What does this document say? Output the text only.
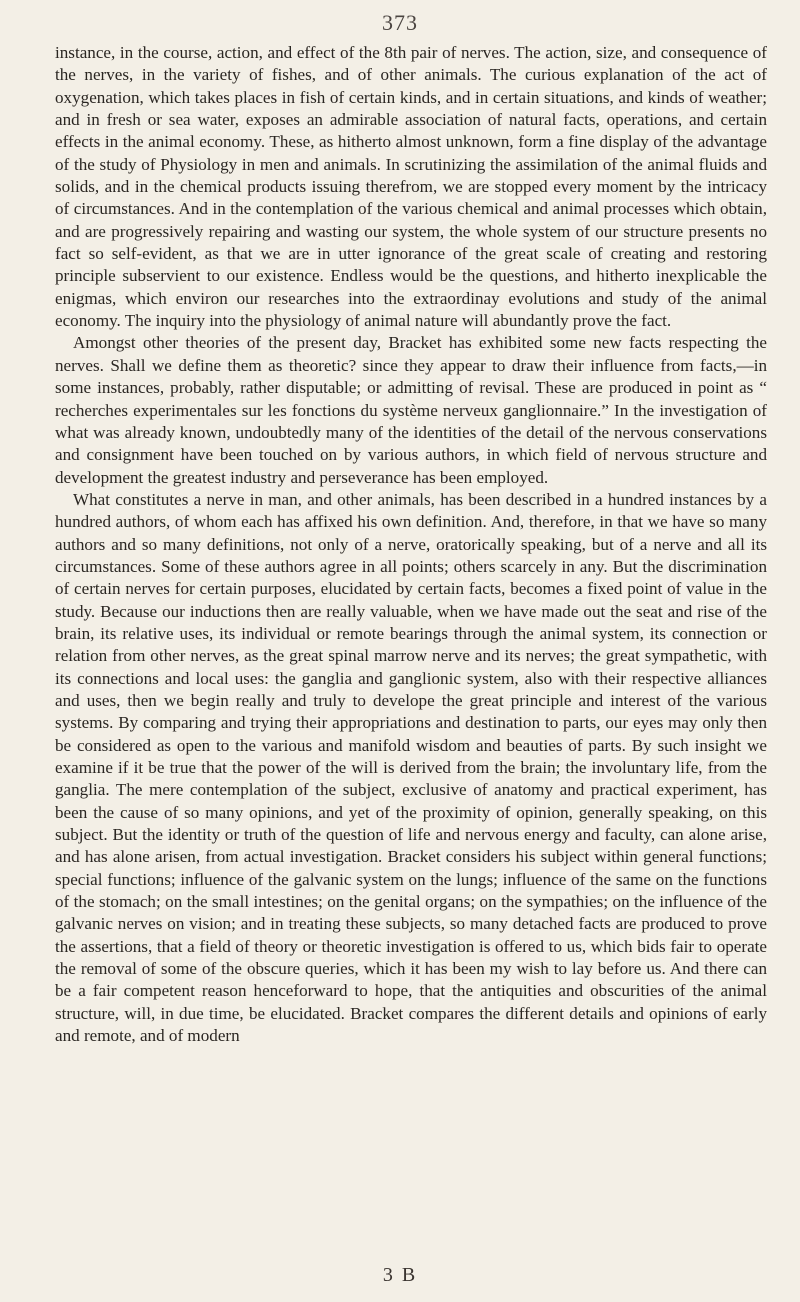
373

instance, in the course, action, and effect of the 8th pair of nerves. The action, size, and consequence of the nerves, in the variety of fishes, and of other animals. The curious explanation of the act of oxygenation, which takes places in fish of certain kinds, and in certain situations, and kinds of weather; and in fresh or sea water, exposes an admirable association of natural facts, operations, and certain effects in the animal economy. These, as hitherto almost unknown, form a fine display of the advantage of the study of Physiology in men and animals. In scrutinizing the assimilation of the animal fluids and solids, and in the chemical products issuing therefrom, we are stopped every moment by the intricacy of circumstances. And in the contemplation of the various chemical and animal processes which obtain, and are progressively repairing and wasting our system, the whole system of our structure presents no fact so self-evident, as that we are in utter ignorance of the great scale of creating and restoring principle subservient to our existence. Endless would be the questions, and hitherto inexplicable the enigmas, which environ our researches into the extraordinay evolutions and study of the animal economy. The inquiry into the physiology of animal nature will abundantly prove the fact.

Amongst other theories of the present day, Bracket has exhibited some new facts respecting the nerves. Shall we define them as theoretic? since they appear to draw their influence from facts,—in some instances, probably, rather disputable; or admitting of revisal. These are produced in point as “ recherches experimentales sur les fonctions du système nerveux ganglionnaire.” In the investigation of what was already known, undoubtedly many of the identities of the detail of the nervous conservations and consignment have been touched on by various authors, in which field of nervous structure and development the greatest industry and perseverance has been employed.

What constitutes a nerve in man, and other animals, has been described in a hundred instances by a hundred authors, of whom each has affixed his own definition. And, therefore, in that we have so many authors and so many definitions, not only of a nerve, oratorically speaking, but of a nerve and all its circumstances. Some of these authors agree in all points; others scarcely in any. But the discrimination of certain nerves for certain purposes, elucidated by certain facts, becomes a fixed point of value in the study. Because our inductions then are really valuable, when we have made out the seat and rise of the brain, its relative uses, its individual or remote bearings through the animal system, its connection or relation from other nerves, as the great spinal marrow nerve and its nerves; the great sympathetic, with its connections and local uses: the ganglia and ganglionic system, also with their respective alliances and uses, then we begin really and truly to develope the great principle and interest of the various systems. By comparing and trying their appropriations and destination to parts, our eyes may only then be considered as open to the various and manifold wisdom and beauties of parts. By such insight we examine if it be true that the power of the will is derived from the brain; the involuntary life, from the ganglia. The mere contemplation of the subject, exclusive of anatomy and practical experiment, has been the cause of so many opinions, and yet of the proximity of opinion, generally speaking, on this subject. But the identity or truth of the question of life and nervous energy and faculty, can alone arise, and has alone arisen, from actual investigation. Bracket considers his subject within general functions; special functions; influence of the galvanic system on the lungs; influence of the same on the functions of the stomach; on the small intestines; on the genital organs; on the sympathies; on the influence of the galvanic nerves on vision; and in treating these subjects, so many detached facts are produced to prove the assertions, that a field of theory or theoretic investigation is offered to us, which bids fair to operate the removal of some of the obscure queries, which it has been my wish to lay before us. And there can be a fair competent reason henceforward to hope, that the antiquities and obscurities of the animal structure, will, in due time, be elucidated. Bracket compares the different details and opinions of early and remote, and of modern

3 B
